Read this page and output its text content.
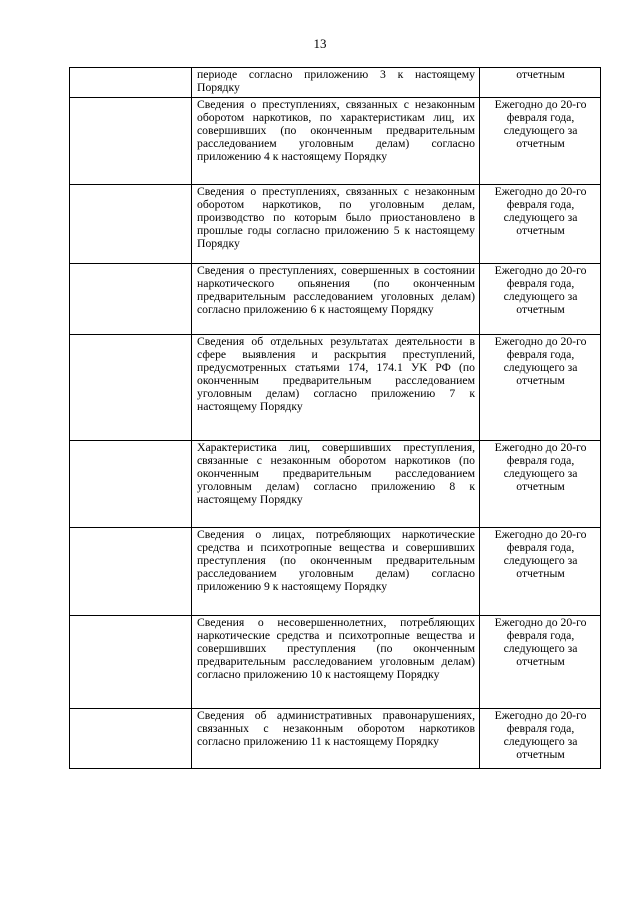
13

	периоде согласно приложению 3 к настоящему Порядку	отчетным

	Сведения о преступлениях, связанных с незаконным оборотом наркотиков, по характеристикам лиц, их совершивших (по оконченным предварительным расследованием уголовным делам) согласно приложению 4 к настоящему Порядку	Ежегодно до 20-го февраля года, следующего за отчетным

	Сведения о преступлениях, связанных с незаконным оборотом наркотиков, по уголовным делам, производство по которым было приостановлено в прошлые годы согласно приложению 5 к настоящему Порядку	Ежегодно до 20-го февраля года, следующего за отчетным

	Сведения о преступлениях, совершенных в состоянии наркотического опьянения (по оконченным предварительным расследованием уголовных делам) согласно приложению 6 к настоящему Порядку	Ежегодно до 20-го февраля года, следующего за отчетным

	Сведения об отдельных результатах деятельности в сфере выявления и раскрытия преступлений, предусмотренных статьями 174, 174.1 УК РФ (по оконченным предварительным расследованием уголовным делам) согласно приложению 7 к настоящему Порядку	Ежегодно до 20-го февраля года, следующего за отчетным

	Характеристика лиц, совершивших преступления, связанные с незаконным оборотом наркотиков (по оконченным предварительным расследованием уголовным делам) согласно приложению 8 к настоящему Порядку	Ежегодно до 20-го февраля года, следующего за отчетным

	Сведения о лицах, потребляющих наркотические средства и психотропные вещества и совершивших преступления (по оконченным предварительным расследованием уголовным делам) согласно приложению 9 к настоящему Порядку	Ежегодно до 20-го февраля года, следующего за отчетным

	Сведения о несовершеннолетних, потребляющих наркотические средства и психотропные вещества и совершивших преступления (по оконченным предварительным расследованием уголовным делам) согласно приложению 10 к настоящему Порядку	Ежегодно до 20-го февраля года, следующего за отчетным

	Сведения об административных правонарушениях, связанных с незаконным оборотом наркотиков согласно приложению 11 к настоящему Порядку	Ежегодно до 20-го февраля года, следующего за отчетным
